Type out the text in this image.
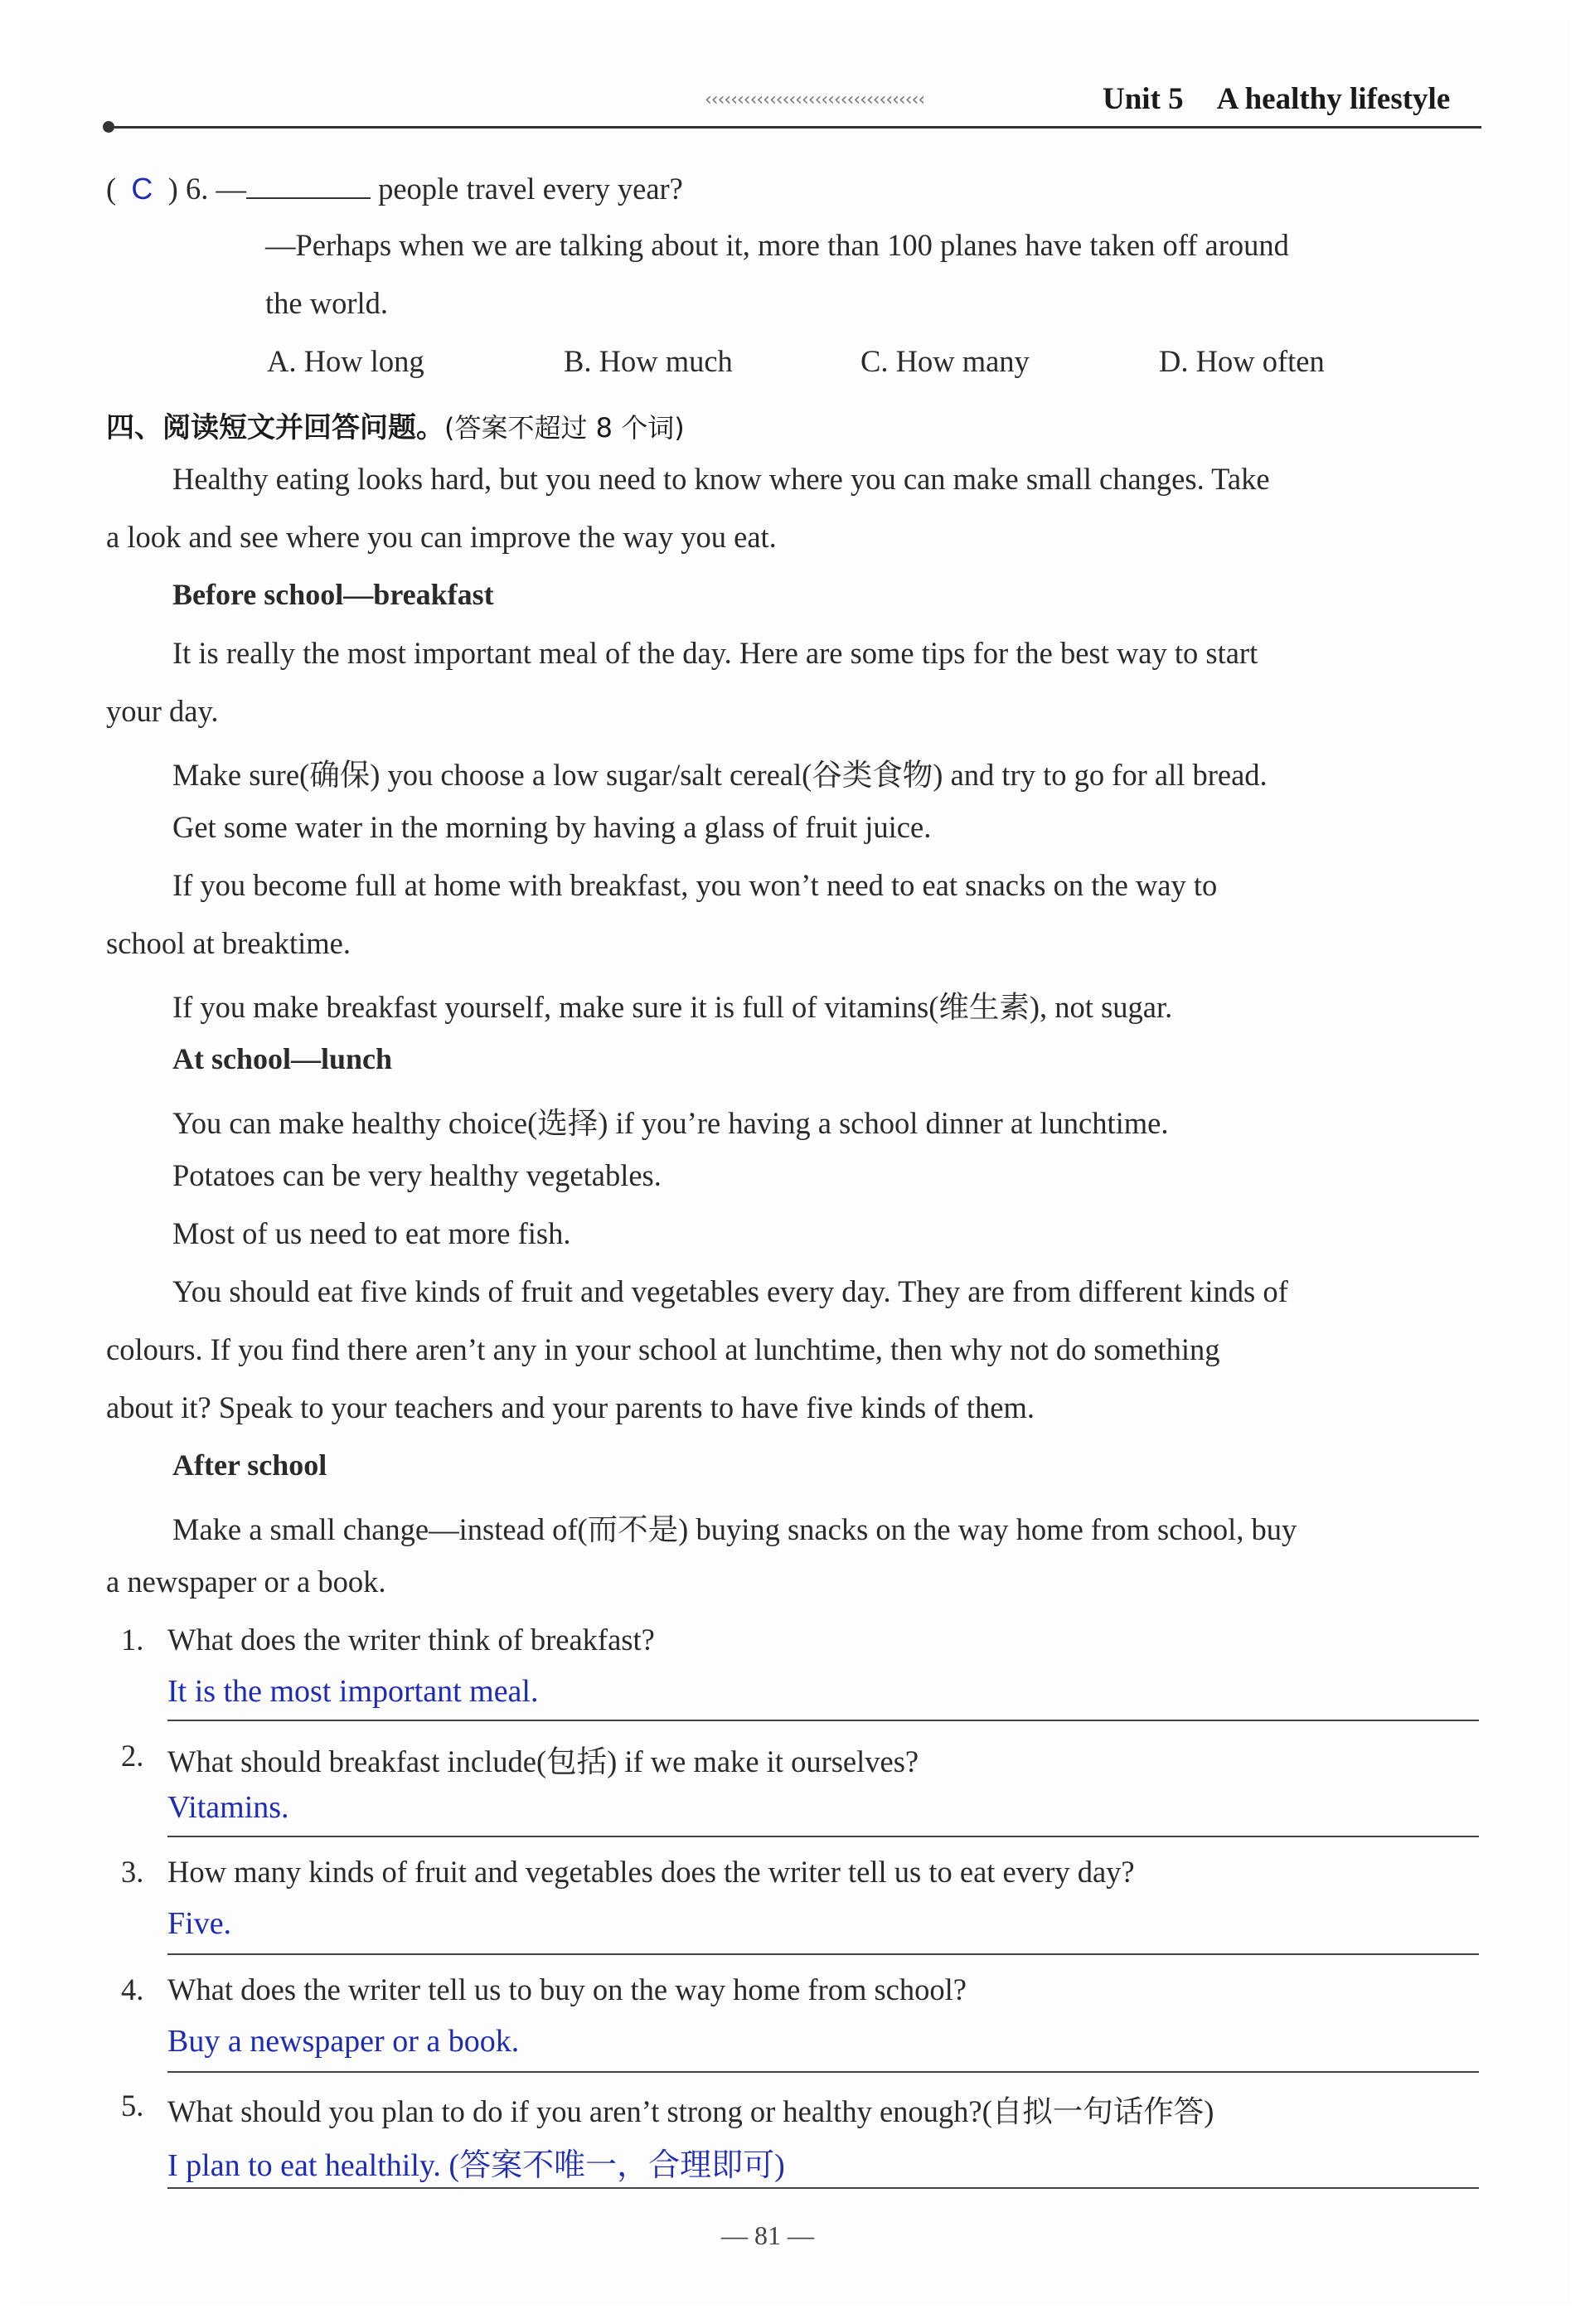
‹‹‹‹‹‹‹‹‹‹‹‹‹‹‹‹‹‹‹‹‹‹‹‹‹‹‹‹‹‹‹‹‹‹	Unit 5 A healthy lifestyle
( C ) 6. —	people travel every year?
—Perhaps when we are talking about it, more than 100 planes have taken off around
the world.
A. How long	B. How much	C. How many	D. How often
四、阅读短文并回答问题。(答案不超过 8 个词)
Healthy eating looks hard, but you need to know where you can make small changes. Take
a look and see where you can improve the way you eat.
Before school—breakfast
It is really the most important meal of the day. Here are some tips for the best way to start
your day.
Make sure(确保) you choose a low sugar/salt cereal(谷类食物) and try to go for all bread.
Get some water in the morning by having a glass of fruit juice.
If you become full at home with breakfast, you won’t need to eat snacks on the way to
school at breaktime.
If you make breakfast yourself, make sure it is full of vitamins(维生素), not sugar.
At school—lunch
You can make healthy choice(选择) if you’re having a school dinner at lunchtime.
Potatoes can be very healthy vegetables.
Most of us need to eat more fish.
You should eat five kinds of fruit and vegetables every day. They are from different kinds of
colours. If you find there aren’t any in your school at lunchtime, then why not do something
about it? Speak to your teachers and your parents to have five kinds of them.
After school
Make a small change—instead of(而不是) buying snacks on the way home from school, buy
a newspaper or a book.
1. What does the writer think of breakfast?
It is the most important meal.
2. What should breakfast include(包括) if we make it ourselves?
Vitamins.
3. How many kinds of fruit and vegetables does the writer tell us to eat every day?
Five.
4. What does the writer tell us to buy on the way home from school?
Buy a newspaper or a book.
5. What should you plan to do if you aren’t strong or healthy enough?(自拟一句话作答)
I plan to eat healthily. (答案不唯一，合理即可)
— 81 —
